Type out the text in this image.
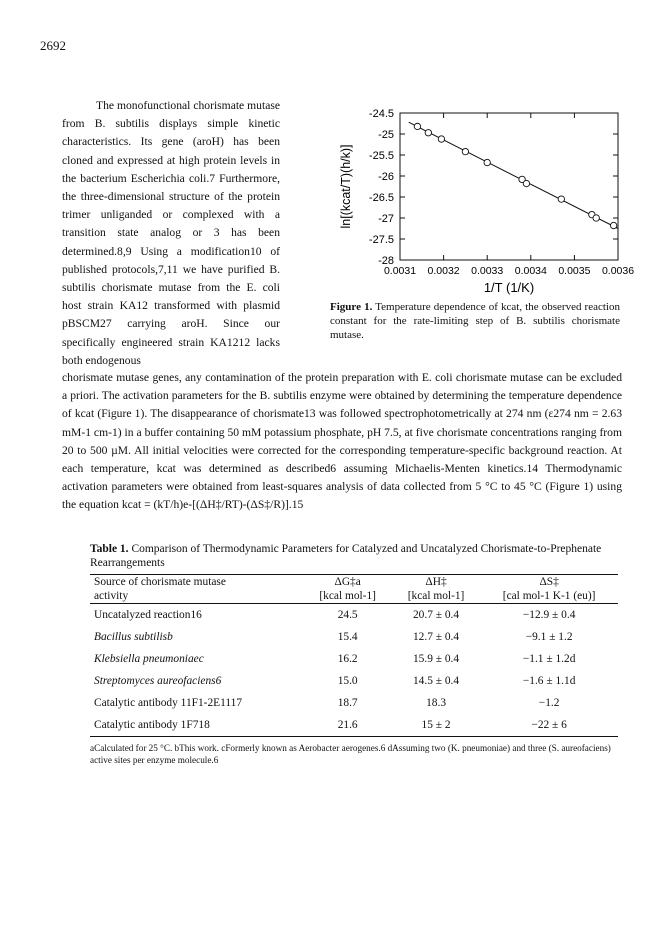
2692

The monofunctional chorismate mutase from B. subtilis displays simple kinetic characteristics. Its gene (aroH) has been cloned and expressed at high protein levels in the bacterium Escherichia coli.7 Furthermore, the three-dimensional structure of the protein trimer unliganded or complexed with a transition state analog or 3 has been determined.8,9 Using a modification10 of published protocols,7,11 we have purified B. subtilis chorismate mutase from the E. coli host strain KA12 transformed with plasmid pBSCM27 carrying aroH. Since our specifically engineered strain KA1212 lacks both endogenous

-24.5
-25
-25.5
-26
-26.5
-27
-27.5
-28
0.0031 0.0032 0.0033 0.0034 0.0035 0.0036
1/T (1/K)
ln[(kcat/T)(h/k)]
Figure 1. Temperature dependence of kcat, the observed reaction constant for the rate-limiting step of B. subtilis chorismate mutase.

chorismate mutase genes, any contamination of the protein preparation with E. coli chorismate mutase can be excluded a priori. The activation parameters for the B. subtilis enzyme were obtained by determining the temperature dependence of kcat (Figure 1). The disappearance of chorismate13 was followed spectrophotometrically at 274 nm (ε274 nm = 2.63 mM-1 cm-1) in a buffer containing 50 mM potassium phosphate, pH 7.5, at five chorismate concentrations ranging from 20 to 500 µM. All initial velocities were corrected for the corresponding temperature-specific background reaction. At each temperature, kcat was determined as described6 assuming Michaelis-Menten kinetics.14 Thermodynamic activation parameters were obtained from least-squares analysis of data collected from 5 °C to 45 °C (Figure 1) using the equation kcat = (kT/h)e-[(ΔH‡/RT)-(ΔS‡/R)].15

Table 1. Comparison of Thermodynamic Parameters for Catalyzed and Uncatalyzed Chorismate-to-Prephenate Rearrangements
Source of chorismate mutase	ΔG‡a	ΔH‡	ΔS‡
activity	[kcal mol-1]	[kcal mol-1]	[cal mol-1 K-1 (eu)]
Uncatalyzed reaction16	24.5	20.7 ± 0.4	−12.9 ± 0.4
Bacillus subtilisb	15.4	12.7 ± 0.4	−9.1 ± 1.2
Klebsiella pneumoniaec	16.2	15.9 ± 0.4	−1.1 ± 1.2d
Streptomyces aureofaciens6	15.0	14.5 ± 0.4	−1.6 ± 1.1d
Catalytic antibody 11F1-2E1117	18.7	18.3	−1.2
Catalytic antibody 1F718	21.6	15 ± 2	−22 ± 6
aCalculated for 25 °C. bThis work. cFormerly known as Aerobacter aerogenes.6 dAssuming two (K. pneumoniae) and three (S. aureofaciens) active sites per enzyme molecule.6
